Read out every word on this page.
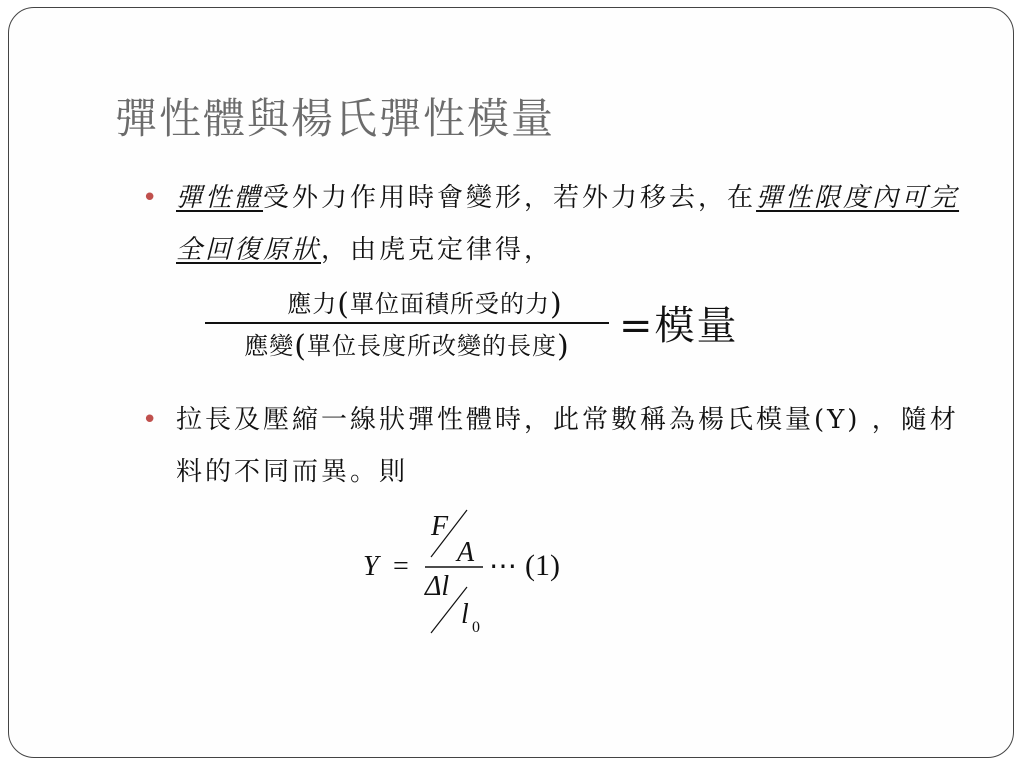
彈性體與楊氏彈性模量
• 彈性體受外力作用時會變形，若外力移去，在彈性限度內可完全回復原狀，由虎克定律得，
應力(單位面積所受的力)
應變(單位長度所改變的長度)	=模量
• 拉長及壓縮一線狀彈性體時，此常數稱為楊氏模量(Y) ，隨材料的不同而異。則
Y =
F
A
Δl
l 0
⋯ (1)
